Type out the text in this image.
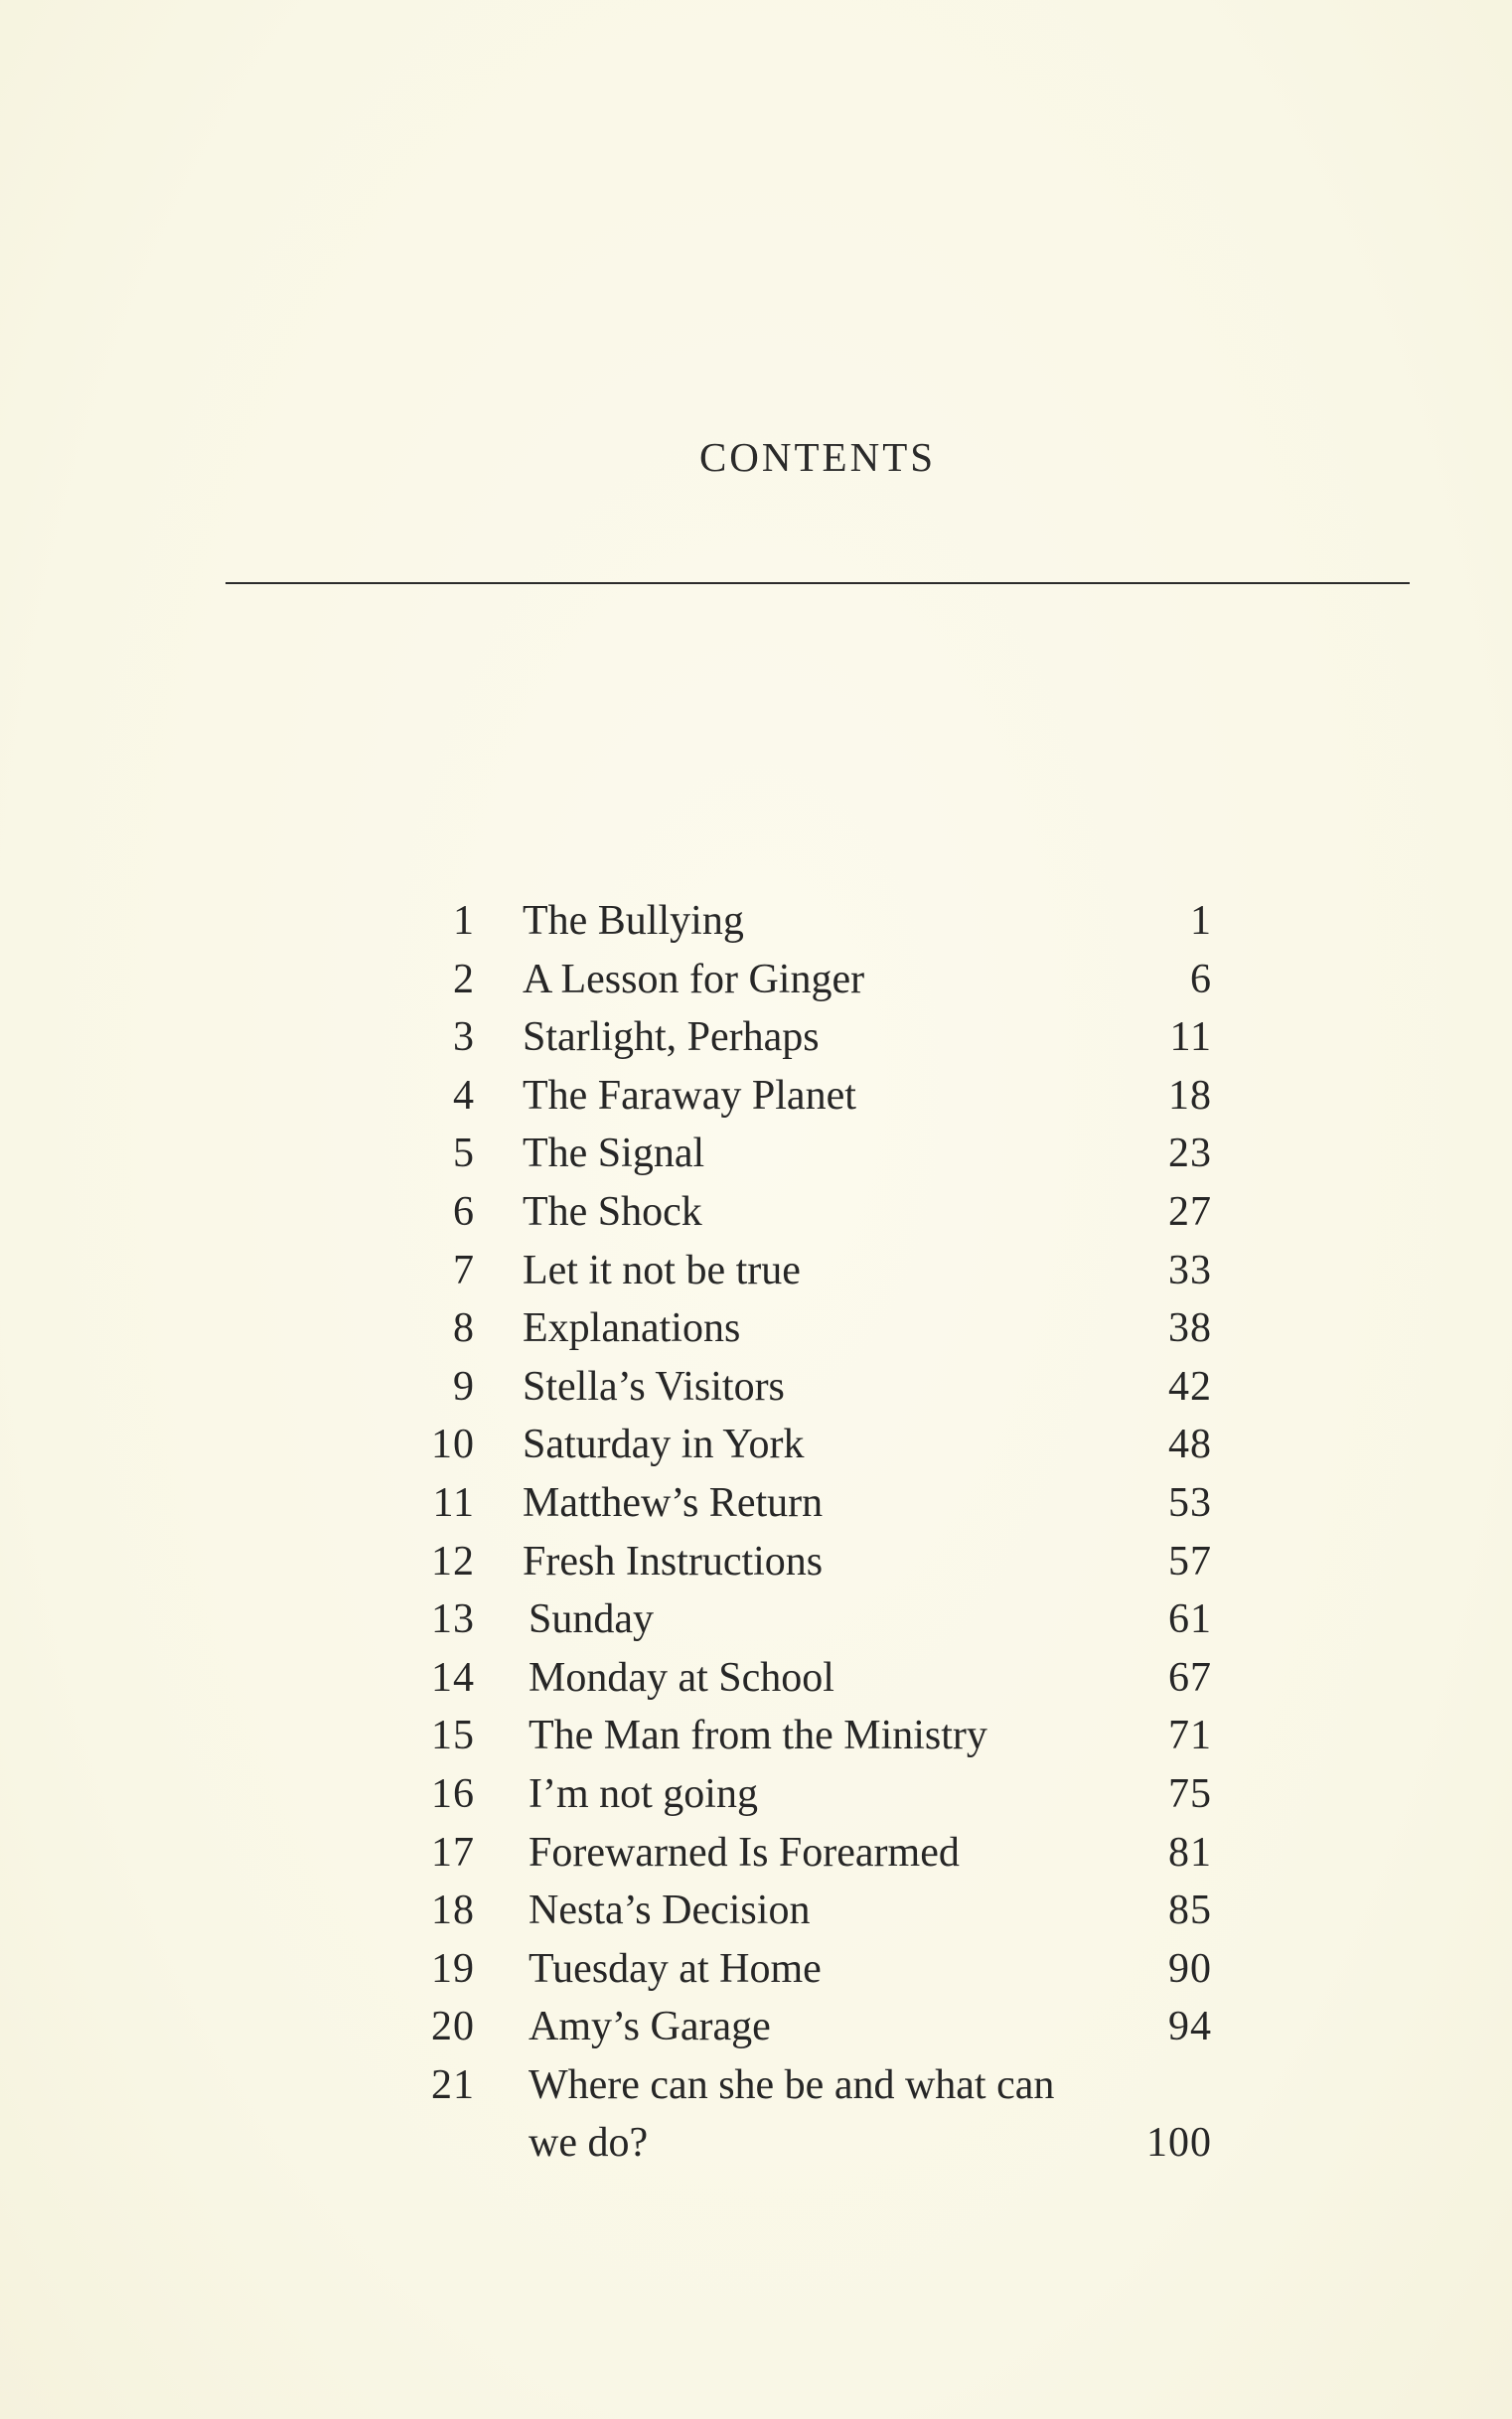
CONTENTS
1 The Bullying	1
2 A Lesson for Ginger	6
3 Starlight, Perhaps	11
4 The Faraway Planet	18
5 The Signal	23
6 The Shock	27
7 Let it not be true	33
8 Explanations	38
9 Stella’s Visitors	42
10 Saturday in York	48
11 Matthew’s Return	53
12 Fresh Instructions	57
13 Sunday	61
14 Monday at School	67
15 The Man from the Ministry	71
16 I’m not going	75
17 Forewarned Is Forearmed	81
18 Nesta’s Decision	85
19 Tuesday at Home	90
20 Amy’s Garage	94
21 Where can she be and what can we do?	100
